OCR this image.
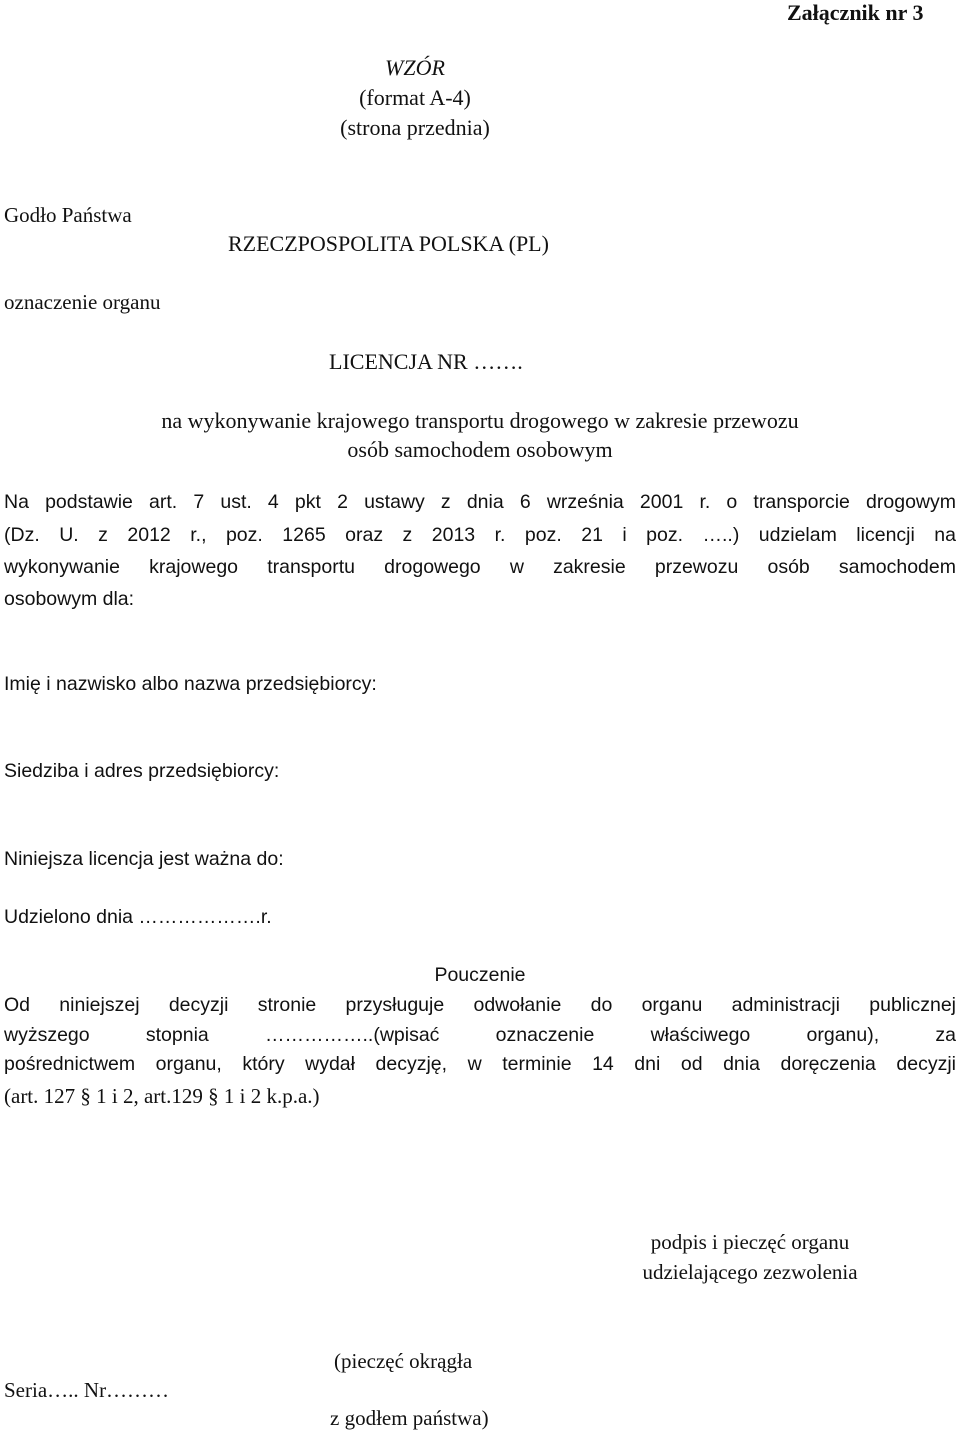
Załącznik nr 3
WZÓR
(format A-4)
(strona przednia)
Godło Państwa
RZECZPOSPOLITA POLSKA (PL)
oznaczenie organu
LICENCJA NR …….
na wykonywanie krajowego transportu drogowego w zakresie przewozu
osób samochodem osobowym
Na podstawie art. 7 ust. 4 pkt 2 ustawy z dnia 6 września 2001 r. o transporcie drogowym
(Dz. U. z 2012 r., poz. 1265 oraz z 2013 r. poz. 21 i poz. …..) udzielam licencji na
wykonywanie krajowego transportu drogowego w zakresie przewozu osób samochodem
osobowym dla:
Imię i nazwisko albo nazwa przedsiębiorcy:
Siedziba i adres przedsiębiorcy:
Niniejsza licencja jest ważna do:
Udzielono dnia ……………….r.
Pouczenie
Od niniejszej decyzji stronie przysługuje odwołanie do organu administracji publicznej
wyższego stopnia ……………..(wpisać oznaczenie właściwego organu), za
pośrednictwem organu, który wydał decyzję, w terminie 14 dni od dnia doręczenia decyzji
(art. 127 § 1 i 2, art.129 § 1 i 2 k.p.a.)
podpis i pieczęć organu
udzielającego zezwolenia
(pieczęć okrągła
Seria….. Nr………
z godłem państwa)
